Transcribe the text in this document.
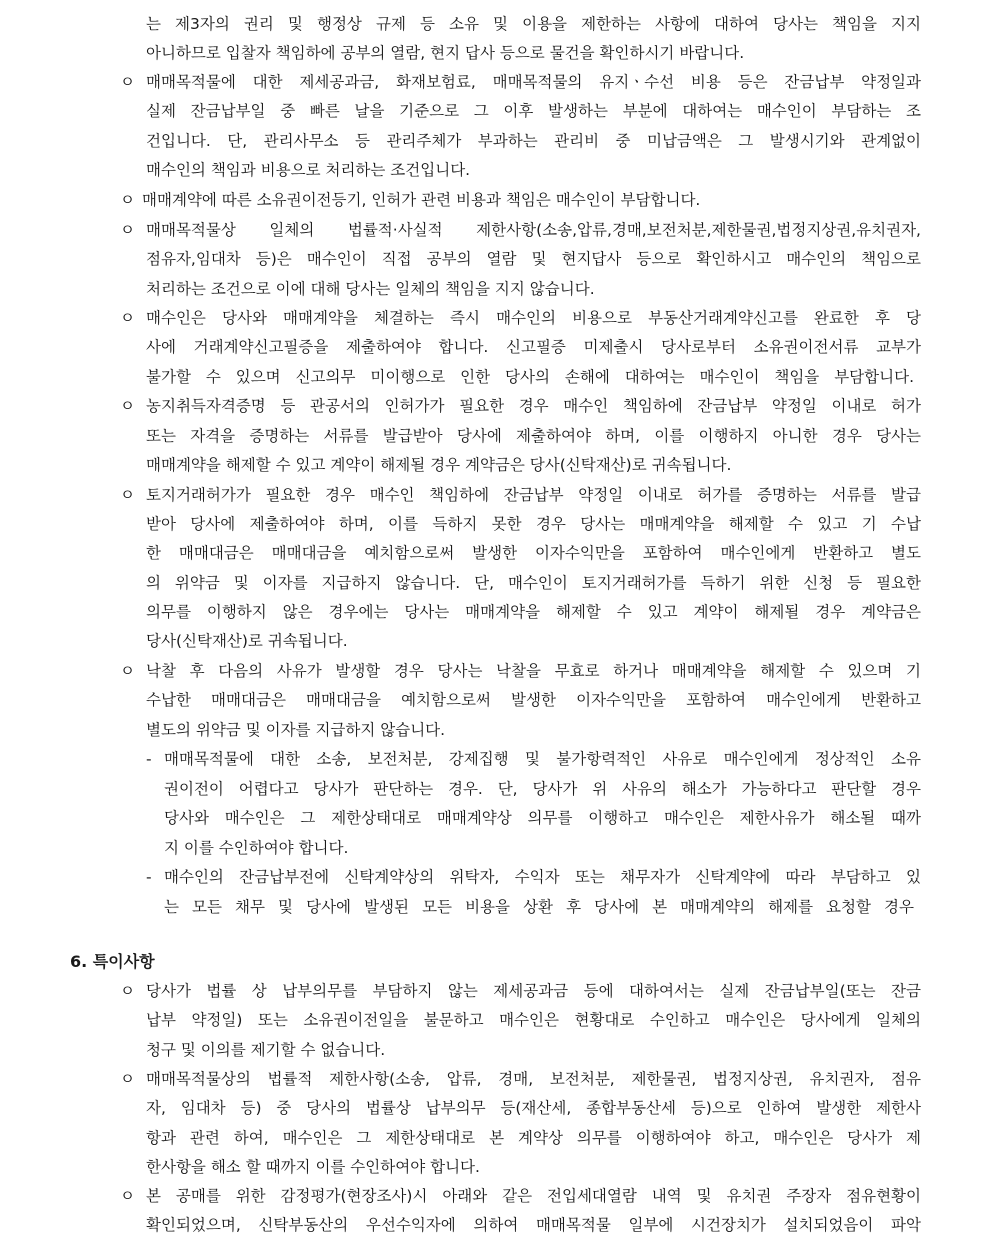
는 제3자의 권리 및 행정상 규제 등 소유 및 이용을 제한하는 사항에 대하여 당사는 책임을 지지
아니하므로 입찰자 책임하에 공부의 열람, 현지 답사 등으로 물건을 확인하시기 바랍니다.
ㅇ 매매목적물에 대한 제세공과금, 화재보험료, 매매목적물의 유지ㆍ수선 비용 등은 잔금납부 약정일과
실제 잔금납부일 중 빠른 날을 기준으로 그 이후 발생하는 부분에 대하여는 매수인이 부담하는 조
건입니다. 단, 관리사무소 등 관리주체가 부과하는 관리비 중 미납금액은 그 발생시기와 관계없이
매수인의 책임과 비용으로 처리하는 조건입니다.
ㅇ 매매계약에 따른 소유권이전등기, 인허가 관련 비용과 책임은 매수인이 부담합니다.
ㅇ 매매목적물상 일체의 법률적·사실적 제한사항(소송,압류,경매,보전처분,제한물권,법정지상권,유치권자,
점유자,임대차 등)은 매수인이 직접 공부의 열람 및 현지답사 등으로 확인하시고 매수인의 책임으로
처리하는 조건으로 이에 대해 당사는 일체의 책임을 지지 않습니다.
ㅇ 매수인은 당사와 매매계약을 체결하는 즉시 매수인의 비용으로 부동산거래계약신고를 완료한 후 당
사에 거래계약신고필증을 제출하여야 합니다. 신고필증 미제출시 당사로부터 소유권이전서류 교부가
불가할 수 있으며 신고의무 미이행으로 인한 당사의 손해에 대하여는 매수인이 책임을 부담합니다.
ㅇ 농지취득자격증명 등 관공서의 인허가가 필요한 경우 매수인 책임하에 잔금납부 약정일 이내로 허가
또는 자격을 증명하는 서류를 발급받아 당사에 제출하여야 하며, 이를 이행하지 아니한 경우 당사는
매매계약을 해제할 수 있고 계약이 해제될 경우 계약금은 당사(신탁재산)로 귀속됩니다.
ㅇ 토지거래허가가 필요한 경우 매수인 책임하에 잔금납부 약정일 이내로 허가를 증명하는 서류를 발급
받아 당사에 제출하여야 하며, 이를 득하지 못한 경우 당사는 매매계약을 해제할 수 있고 기 수납
한 매매대금은 매매대금을 예치함으로써 발생한 이자수익만을 포함하여 매수인에게 반환하고 별도
의 위약금 및 이자를 지급하지 않습니다. 단, 매수인이 토지거래허가를 득하기 위한 신청 등 필요한
의무를 이행하지 않은 경우에는 당사는 매매계약을 해제할 수 있고 계약이 해제될 경우 계약금은
당사(신탁재산)로 귀속됩니다.
ㅇ 낙찰 후 다음의 사유가 발생할 경우 당사는 낙찰을 무효로 하거나 매매계약을 해제할 수 있으며 기
수납한 매매대금은 매매대금을 예치함으로써 발생한 이자수익만을 포함하여 매수인에게 반환하고
별도의 위약금 및 이자를 지급하지 않습니다.
- 매매목적물에 대한 소송, 보전처분, 강제집행 및 불가항력적인 사유로 매수인에게 정상적인 소유
권이전이 어렵다고 당사가 판단하는 경우. 단, 당사가 위 사유의 해소가 가능하다고 판단할 경우
당사와 매수인은 그 제한상태대로 매매계약상 의무를 이행하고 매수인은 제한사유가 해소될 때까
지 이를 수인하여야 합니다.
- 매수인의 잔금납부전에 신탁계약상의 위탁자, 수익자 또는 채무자가 신탁계약에 따라 부담하고 있
는 모든 채무 및 당사에 발생된 모든 비용을 상환 후 당사에 본 매매계약의 해제를 요청할 경우
6. 특이사항
ㅇ 당사가 법률 상 납부의무를 부담하지 않는 제세공과금 등에 대하여서는 실제 잔금납부일(또는 잔금
납부 약정일) 또는 소유권이전일을 불문하고 매수인은 현황대로 수인하고 매수인은 당사에게 일체의
청구 및 이의를 제기할 수 없습니다.
ㅇ 매매목적물상의 법률적 제한사항(소송, 압류, 경매, 보전처분, 제한물권, 법정지상권, 유치권자, 점유
자, 임대차 등) 중 당사의 법률상 납부의무 등(재산세, 종합부동산세 등)으로 인하여 발생한 제한사
항과 관련 하여, 매수인은 그 제한상태대로 본 계약상 의무를 이행하여야 하고, 매수인은 당사가 제
한사항을 해소 할 때까지 이를 수인하여야 합니다.
ㅇ 본 공매를 위한 감정평가(현장조사)시 아래와 같은 전입세대열람 내역 및 유치권 주장자 점유현황이
확인되었으며, 신탁부동산의 우선수익자에 의하여 매매목적물 일부에 시건장치가 설치되었음이 파악
